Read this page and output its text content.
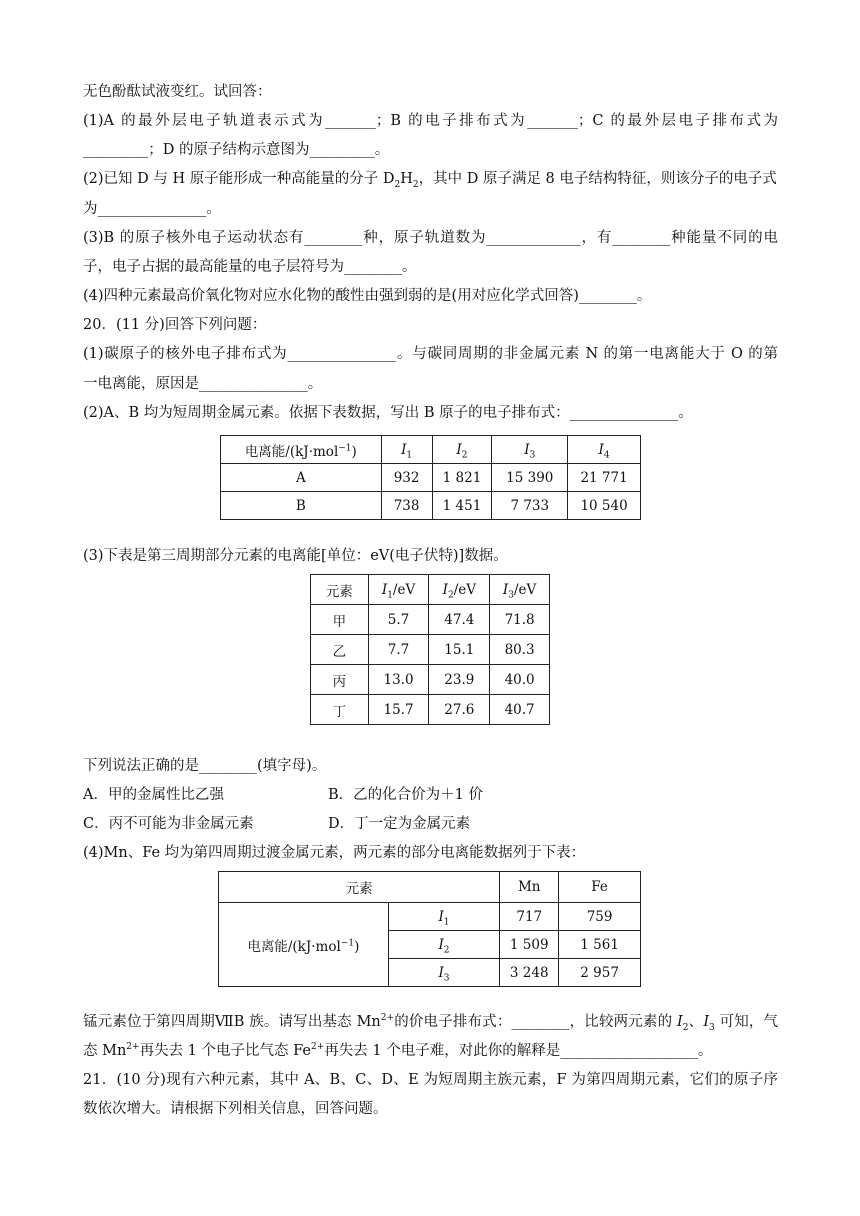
无色酚酞试液变红。试回答：
(1)A 的最外层电子轨道表示式为_______；B 的电子排布式为_______；C 的最外层电子排布式为
_________；D 的原子结构示意图为_________。
(2)已知 D 与 H 原子能形成一种高能量的分子 $D_2H_2$，其中 D 原子满足 8 电子结构特征，则该分子的电子式
为_______________。
(3)B 的原子核外电子运动状态有________种，原子轨道数为_____________，有________种能量不同的电
子，电子占据的最高能量的电子层符号为________。
(4)四种元素最高价氧化物对应水化物的酸性由强到弱的是(用对应化学式回答)________。
20．(11 分)回答下列问题：
(1)碳原子的核外电子排布式为_______________。与碳同周期的非金属元素 N 的第一电离能大于 O 的第
一电离能，原因是_______________。
(2)A、B 均为短周期金属元素。依据下表数据，写出 B 原子的电子排布式：_______________。
电离能/(kJ·mol$^{-1}$)	$I_1$	$I_2$	$I_3$	$I_4$
A	932	1 821	15 390	21 771
B	738	1 451	7 733	10 540
(3)下表是第三周期部分元素的电离能[单位：eV(电子伏特)]数据。
元素	$I_1/eV$	$I_2/eV$	$I_3/eV$
甲	5.7	47.4	71.8
乙	7.7	15.1	80.3
丙	13.0	23.9	40.0
丁	15.7	27.6	40.7
下列说法正确的是________(填字母)。
A．甲的金属性比乙强	B．乙的化合价为＋1 价
C．丙不可能为非金属元素	D．丁一定为金属元素
(4)Mn、Fe 均为第四周期过渡金属元素，两元素的部分电离能数据列于下表：
元素		Mn	Fe
电离能/(kJ·mol$^{-1}$)	$I_1$	717	759
	$I_2$	1 509	1 561
	$I_3$	3 248	2 957
锰元素位于第四周期ⅦB 族。请写出基态 $Mn^{2+}$的价电子排布式：________，比较两元素的 $I_2$、$I_3$ 可知，气
态 $Mn^{2+}$再失去 1 个电子比气态 $Fe^{2+}$再失去 1 个电子难，对此你的解释是___________________。
21．(10 分)现有六种元素，其中 A、B、C、D、E 为短周期主族元素，F 为第四周期元素，它们的原子序
数依次增大。请根据下列相关信息，回答问题。
